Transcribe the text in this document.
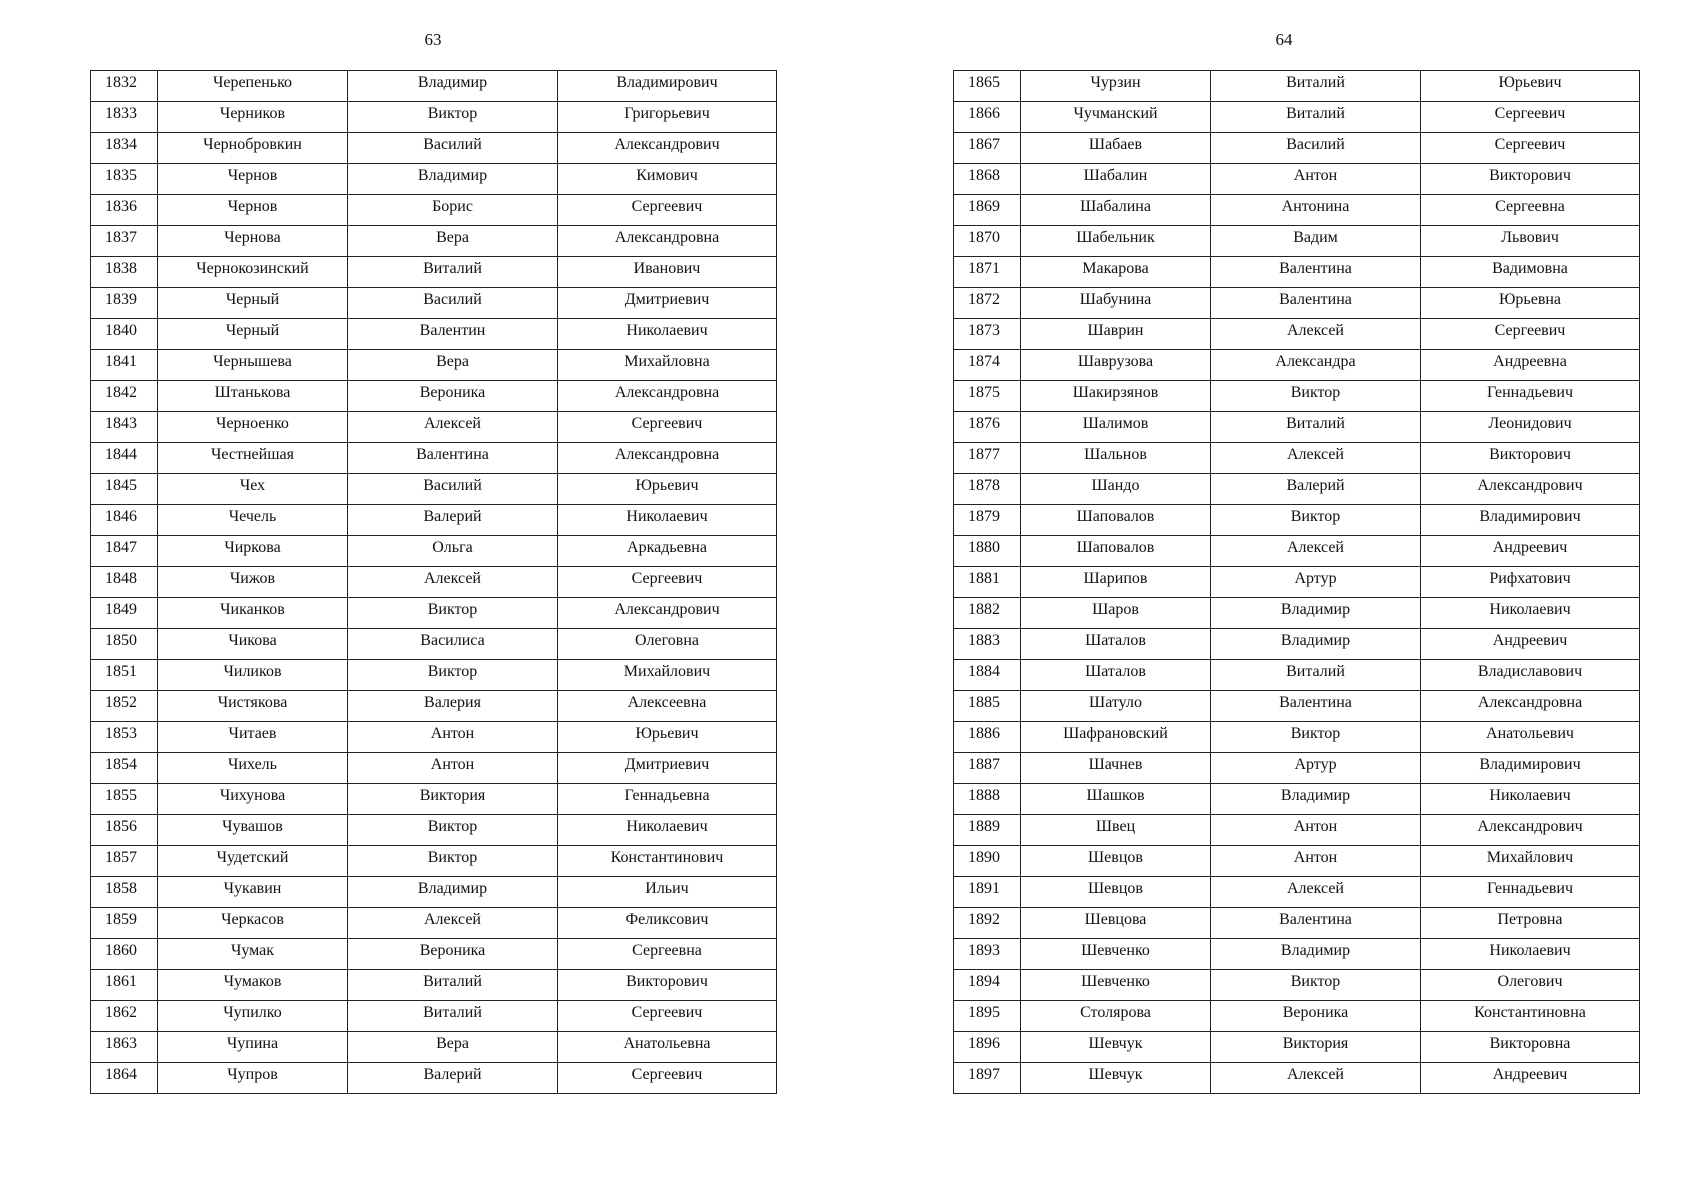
63
1832	Черепенько	Владимир	Владимирович
1833	Черников	Виктор	Григорьевич
1834	Чернобровкин	Василий	Александрович
1835	Чернов	Владимир	Кимович
1836	Чернов	Борис	Сергеевич
1837	Чернова	Вера	Александровна
1838	Чернокозинский	Виталий	Иванович
1839	Черный	Василий	Дмитриевич
1840	Черный	Валентин	Николаевич
1841	Чернышева	Вера	Михайловна
1842	Штанькова	Вероника	Александровна
1843	Черноенко	Алексей	Сергеевич
1844	Честнейшая	Валентина	Александровна
1845	Чех	Василий	Юрьевич
1846	Чечель	Валерий	Николаевич
1847	Чиркова	Ольга	Аркадьевна
1848	Чижов	Алексей	Сергеевич
1849	Чиканков	Виктор	Александрович
1850	Чикова	Василиса	Олеговна
1851	Чиликов	Виктор	Михайлович
1852	Чистякова	Валерия	Алексеевна
1853	Читаев	Антон	Юрьевич
1854	Чихель	Антон	Дмитриевич
1855	Чихунова	Виктория	Геннадьевна
1856	Чувашов	Виктор	Николаевич
1857	Чудетский	Виктор	Константинович
1858	Чукавин	Владимир	Ильич
1859	Черкасов	Алексей	Феликсович
1860	Чумак	Вероника	Сергеевна
1861	Чумаков	Виталий	Викторович
1862	Чупилко	Виталий	Сергеевич
1863	Чупина	Вера	Анатольевна
1864	Чупров	Валерий	Сергеевич
64
1865	Чурзин	Виталий	Юрьевич
1866	Чучманский	Виталий	Сергеевич
1867	Шабаев	Василий	Сергеевич
1868	Шабалин	Антон	Викторович
1869	Шабалина	Антонина	Сергеевна
1870	Шабельник	Вадим	Львович
1871	Макарова	Валентина	Вадимовна
1872	Шабунина	Валентина	Юрьевна
1873	Шаврин	Алексей	Сергеевич
1874	Шаврузова	Александра	Андреевна
1875	Шакирзянов	Виктор	Геннадьевич
1876	Шалимов	Виталий	Леонидович
1877	Шальнов	Алексей	Викторович
1878	Шандо	Валерий	Александрович
1879	Шаповалов	Виктор	Владимирович
1880	Шаповалов	Алексей	Андреевич
1881	Шарипов	Артур	Рифхатович
1882	Шаров	Владимир	Николаевич
1883	Шаталов	Владимир	Андреевич
1884	Шаталов	Виталий	Владиславович
1885	Шатуло	Валентина	Александровна
1886	Шафрановский	Виктор	Анатольевич
1887	Шачнев	Артур	Владимирович
1888	Шашков	Владимир	Николаевич
1889	Швец	Антон	Александрович
1890	Шевцов	Антон	Михайлович
1891	Шевцов	Алексей	Геннадьевич
1892	Шевцова	Валентина	Петровна
1893	Шевченко	Владимир	Николаевич
1894	Шевченко	Виктор	Олегович
1895	Столярова	Вероника	Константиновна
1896	Шевчук	Виктория	Викторовна
1897	Шевчук	Алексей	Андреевич
